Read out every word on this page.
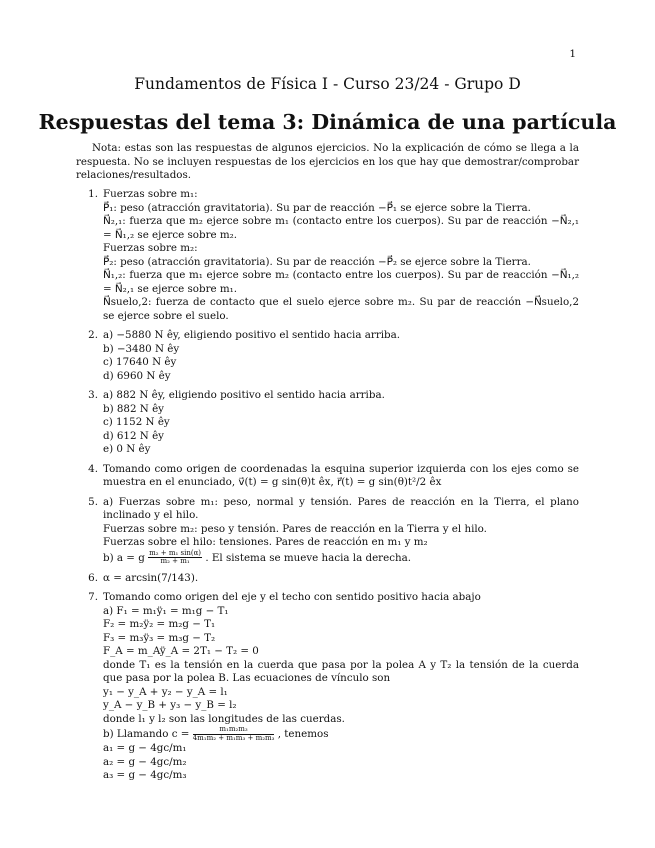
1
Fundamentos de Física I - Curso 23/24 - Grupo D
Respuestas del tema 3: Dinámica de una partícula
Nota: estas son las respuestas de algunos ejercicios. No la explicación de cómo se llega a la respuesta. No se incluyen respuestas de los ejercicios en los que hay que demostrar/comprobar relaciones/resultados.
1. Fuerzas sobre m₁:
P⃗₁: peso (atracción gravitatoria). Su par de reacción −P⃗₁ se ejerce sobre la Tierra.
N⃗₂,₁: fuerza que m₂ ejerce sobre m₁ (contacto entre los cuerpos). Su par de reacción −N⃗₂,₁ = N⃗₁,₂ se ejerce sobre m₂.
Fuerzas sobre m₂:
P⃗₂: peso (atracción gravitatoria). Su par de reacción −P⃗₂ se ejerce sobre la Tierra.
N⃗₁,₂: fuerza que m₁ ejerce sobre m₂ (contacto entre los cuerpos). Su par de reacción −N⃗₁,₂ = N⃗₂,₁ se ejerce sobre m₁.
N⃗suelo,2: fuerza de contacto que el suelo ejerce sobre m₂. Su par de reacción −N⃗suelo,2 se ejerce sobre el suelo.
2. a) −5880 N êy, eligiendo positivo el sentido hacia arriba.
b) −3480 N êy
c) 17640 N êy
d) 6960 N êy
3. a) 882 N êy, eligiendo positivo el sentido hacia arriba.
b) 882 N êy
c) 1152 N êy
d) 612 N êy
e) 0 N êy
4. Tomando como origen de coordenadas la esquina superior izquierda con los ejes como se muestra en el enunciado, v⃗(t) = g sin(θ)t êx, r⃗(t) = g sin(θ)t²/2 êx
5. a) Fuerzas sobre m₁: peso, normal y tensión. Pares de reacción en la Tierra, el plano inclinado y el hilo.
Fuerzas sobre m₂: peso y tensión. Pares de reacción en la Tierra y el hilo.
Fuerzas sobre el hilo: tensiones. Pares de reacción en m₁ y m₂
b) a = g $\frac{\text{m₂ + m₁ sin(α)}}{\text{m₂ + m₁}}$ . El sistema se mueve hacia la derecha.
6. α = arcsin(7/143).
7. Tomando como origen del eje y el techo con sentido positivo hacia abajo
a) F₁ = m₁ÿ₁ = m₁g − T₁
F₂ = m₂ÿ₂ = m₂g − T₁
F₃ = m₃ÿ₃ = m₃g − T₂
F_A = m_Aÿ_A = 2T₁ − T₂ = 0
donde T₁ es la tensión en la cuerda que pasa por la polea A y T₂ la tensión de la cuerda que pasa por la polea B. Las ecuaciones de vínculo son
y₁ − y_A + y₂ − y_A = l₁
y_A − y_B + y₃ − y_B = l₂
donde l₁ y l₂ son las longitudes de las cuerdas.
b) Llamando $c = \frac{\text{m₁m₂m₃}}{\text{4m₁m₂ + m₁m₃ + m₂m₃}}$ , tenemos
a₁ = g − 4gc/m₁
a₂ = g − 4gc/m₂
a₃ = g − 4gc/m₃
